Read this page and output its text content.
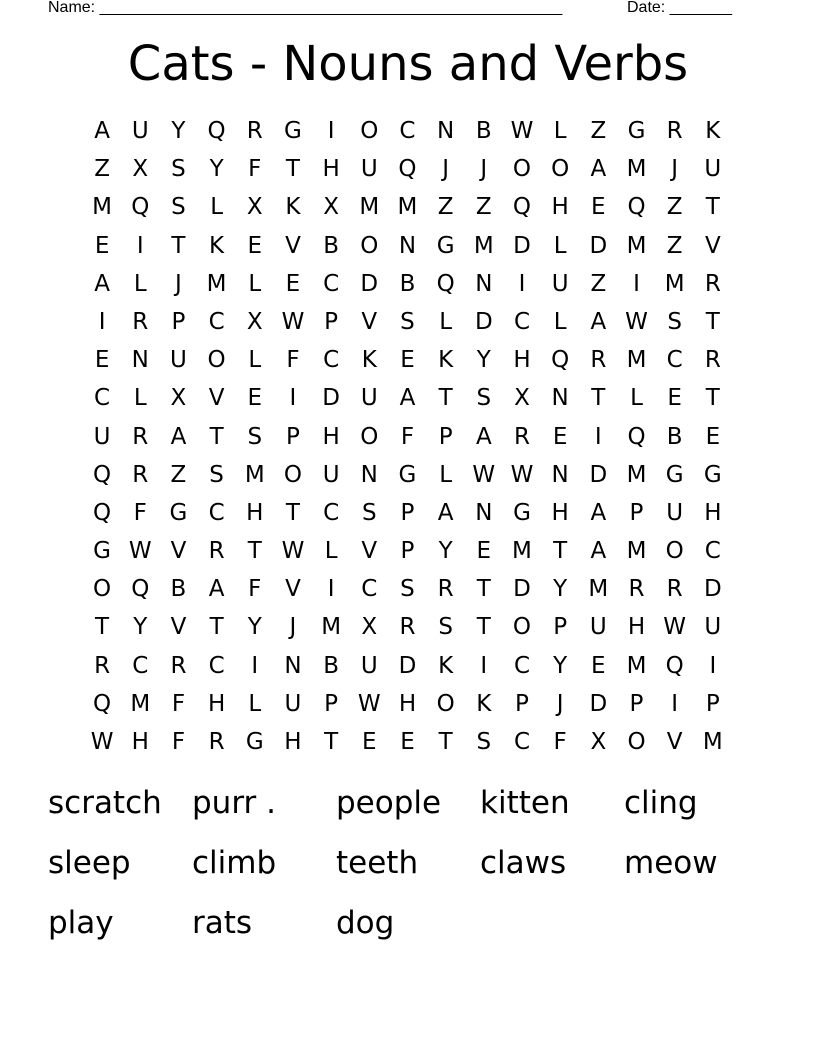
Name: ____________________________________________________	Date: _______
Cats - Nouns and Verbs
A U Y Q R G	I	O C N B W L	Z G R K
Z X S	Y	F	T H U Q	J	J	O O A M	J	U
M Q S	L	X K X M M Z Z Q H E Q Z	T
E	I	T	K	E	V B O N G M D L D M Z V
A	L	J	M L	E C D B Q N	I	U Z	I	M R
I	R	P	C X W P	V	S	L D C	L	A W S	T
E N U O L	F	C K	E	K	Y H Q R M C R
C	L	X V	E	I	D U A	T	S X N T	L	E	T
U R A	T	S	P H O F	P	A R E	I	Q B	E
Q R Z S M O U N G L W W N D M G G
Q F G C H T	C S	P	A N G H A	P U H
G W V R	T W L	V	P	Y	E M T	A M O C
O Q B A	F	V	I	C S R	T D Y M R R D
T	Y	V	T	Y	J	M X R S	T O P U H W U
R C R C	I	N B U D K	I	C	Y	E M Q	I
Q M F H	L	U P W H O K	P	J	D P	I	P
W H F	R G H T	E	E	T	S C	F	X O V M
scratch purr .	people	kitten	cling
sleep	climb	teeth	claws	meow
play	rats	dog
